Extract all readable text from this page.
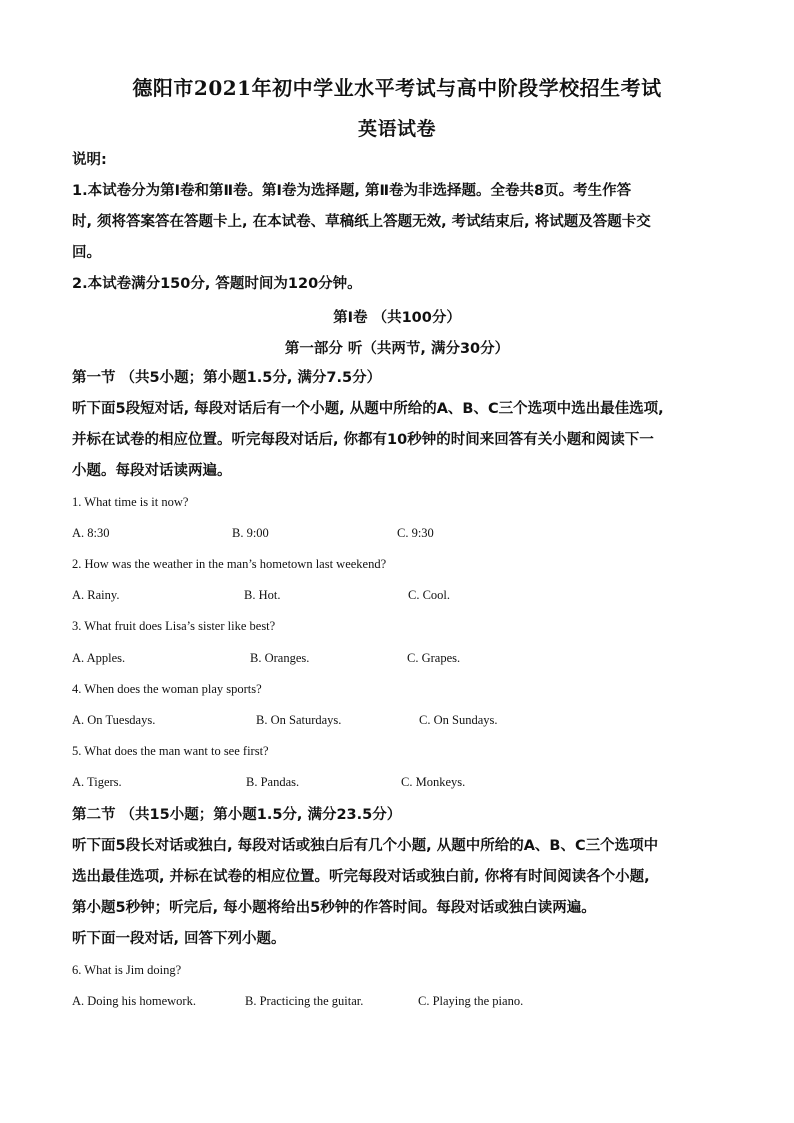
德阳市2021年初中学业水平考试与高中阶段学校招生考试
英语试卷
说明:
1.本试卷分为第Ⅰ卷和第Ⅱ卷。第Ⅰ卷为选择题, 第Ⅱ卷为非选择题。全卷共8页。考生作答
时, 须将答案答在答题卡上, 在本试卷、草稿纸上答题无效, 考试结束后, 将试题及答题卡交
回。
2.本试卷满分150分, 答题时间为120分钟。
第Ⅰ卷 （共100分）
第一部分 听（共两节, 满分30分）
第一节 （共5小题；第小题1.5分, 满分7.5分）
听下面5段短对话, 每段对话后有一个小题, 从题中所给的A、B、C三个选项中选出最佳选项,
并标在试卷的相应位置。听完每段对话后, 你都有10秒钟的时间来回答有关小题和阅读下一
小题。每段对话读两遍。
1. What time is it now?
A. 8:30	B. 9:00	C. 9:30
2. How was the weather in the man’s hometown last weekend?
A. Rainy.	B. Hot.	C. Cool.
3. What fruit does Lisa’s sister like best?
A. Apples.	B. Oranges.	C. Grapes.
4. When does the woman play sports?
A. On Tuesdays.	B. On Saturdays.	C. On Sundays.
5. What does the man want to see first?
A. Tigers.	B. Pandas.	C. Monkeys.
第二节 （共15小题；第小题1.5分, 满分23.5分）
听下面5段长对话或独白, 每段对话或独白后有几个小题, 从题中所给的A、B、C三个选项中
选出最佳选项, 并标在试卷的相应位置。听完每段对话或独白前, 你将有时间阅读各个小题,
第小题5秒钟；听完后, 每小题将给出5秒钟的作答时间。每段对话或独白读两遍。
听下面一段对话, 回答下列小题。
6. What is Jim doing?
A. Doing his homework.	B. Practicing the guitar.	C. Playing the piano.
